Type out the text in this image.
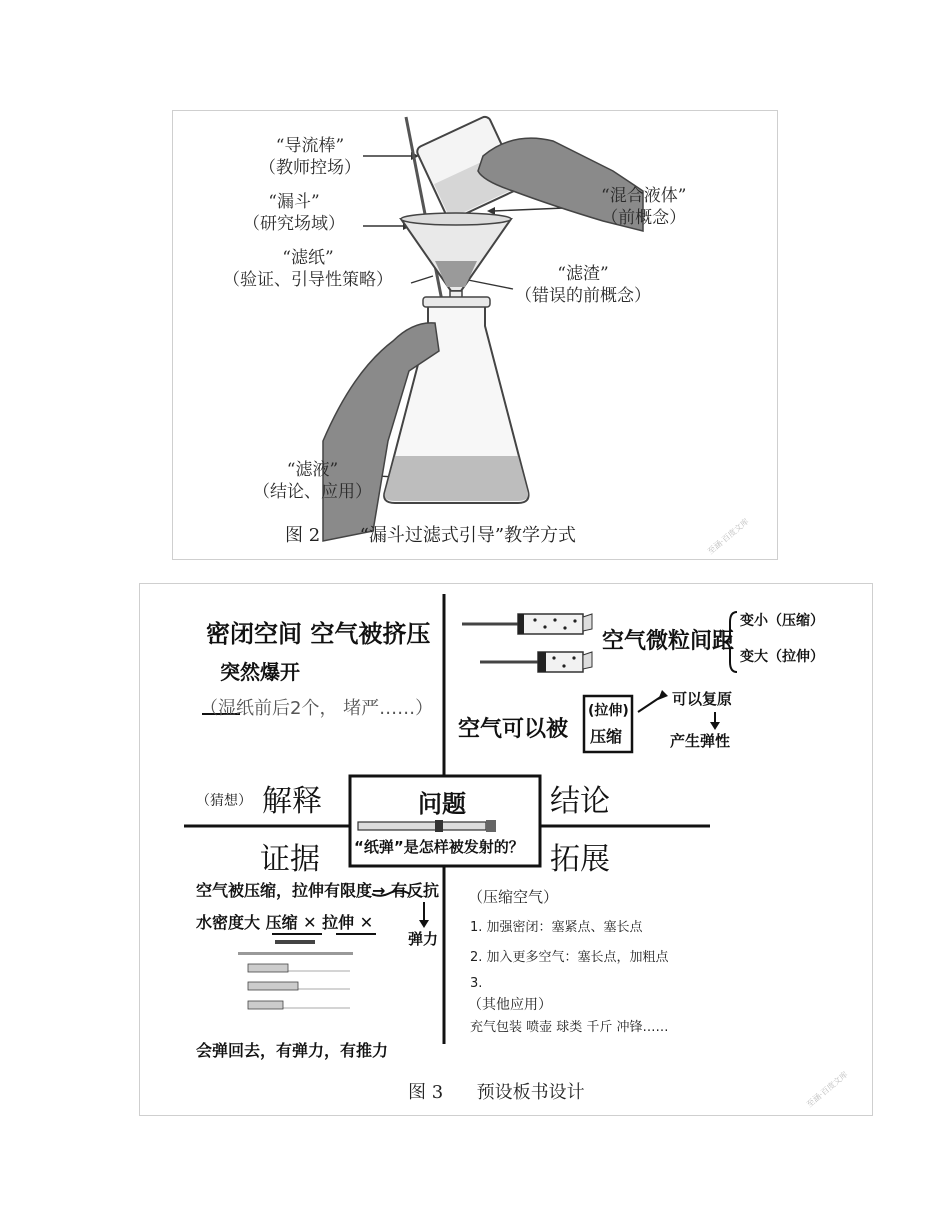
“导流棒”
（教师控场）
“漏斗”
（研究场域）
“滤纸”
（验证、引导性策略）
“混合液体”
（前概念）
“滤渣”
（错误的前概念）
“滤液”
（结论、应用）
图 2 “漏斗过滤式引导”教学方式	至涵·百度文库
密闭空间 空气被挤压
突然爆开
（湿纸前后2个， 堵严……）
空气微粒间距
变小（压缩）
变大（拉伸）
空气可以被
(拉伸)
压缩
可以复原
产生弹性
（猜想） 解释	结论
问题
“纸弹”是怎样被发射的？
证据	拓展
空气被压缩，拉伸有限度→ 有反抗
水密度大 压缩 ✕ 拉伸 ✕
弹力
会弹回去，有弹力，有推力
（压缩空气）
1. 加强密闭：塞紧点、塞长点
2. 加入更多空气：塞长点，加粗点
3.
（其他应用）
充气包装 喷壶 球类 千斤 冲锋……
图 3 预设板书设计	至涵·百度文库
